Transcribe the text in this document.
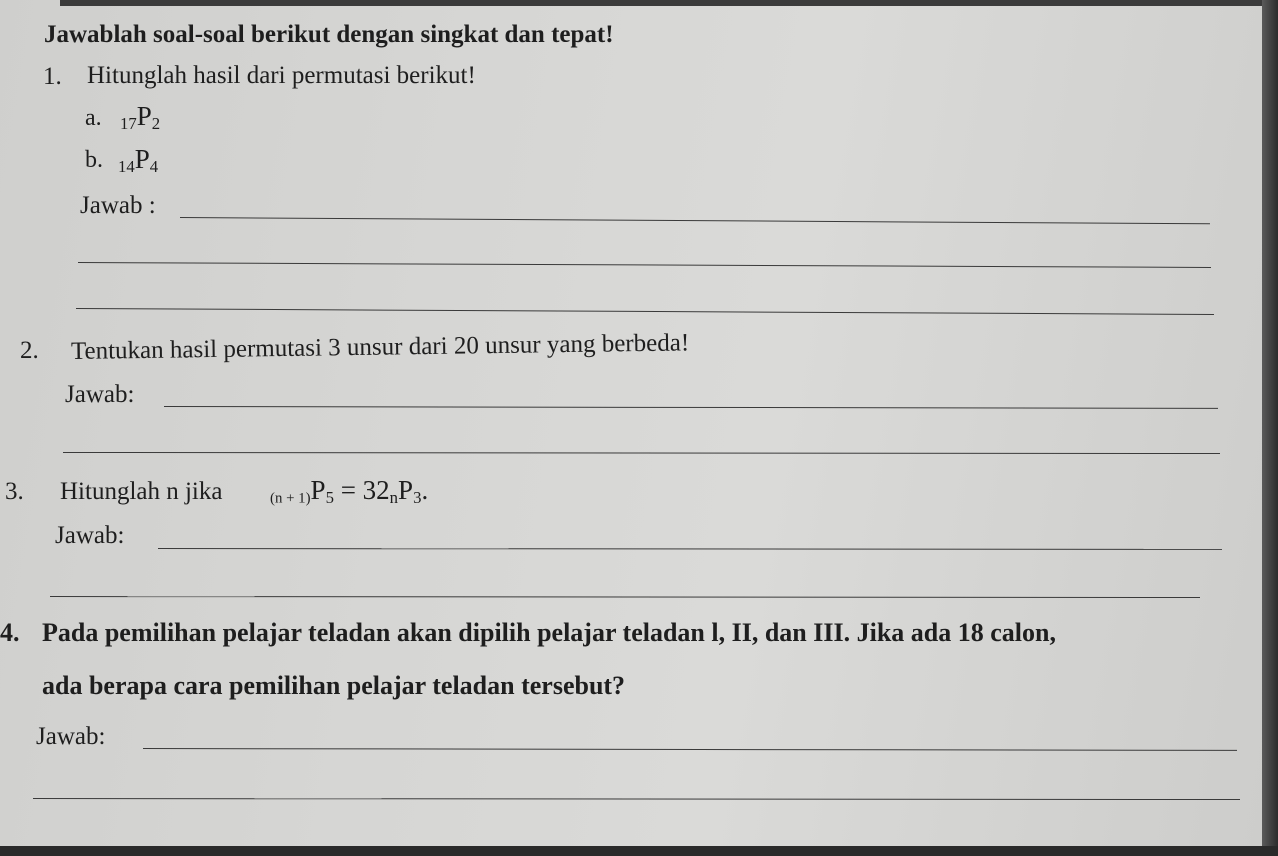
Jawablah soal-soal berikut dengan singkat dan tepat!
1. Hitunglah hasil dari permutasi berikut!
a. $_{17}P_2$
b. $_{14}P_4$
Jawab :
2. Tentukan hasil permutasi 3 unsur dari 20 unsur yang berbeda!
Jawab:
3. Hitunglah n jika	$_{(n + 1)}P_5 = 32_nP_3$.
Jawab:
4. Pada pemilihan pelajar teladan akan dipilih pelajar teladan l, II, dan III. Jika ada 18 calon,
ada berapa cara pemilihan pelajar teladan tersebut?
Jawab:
